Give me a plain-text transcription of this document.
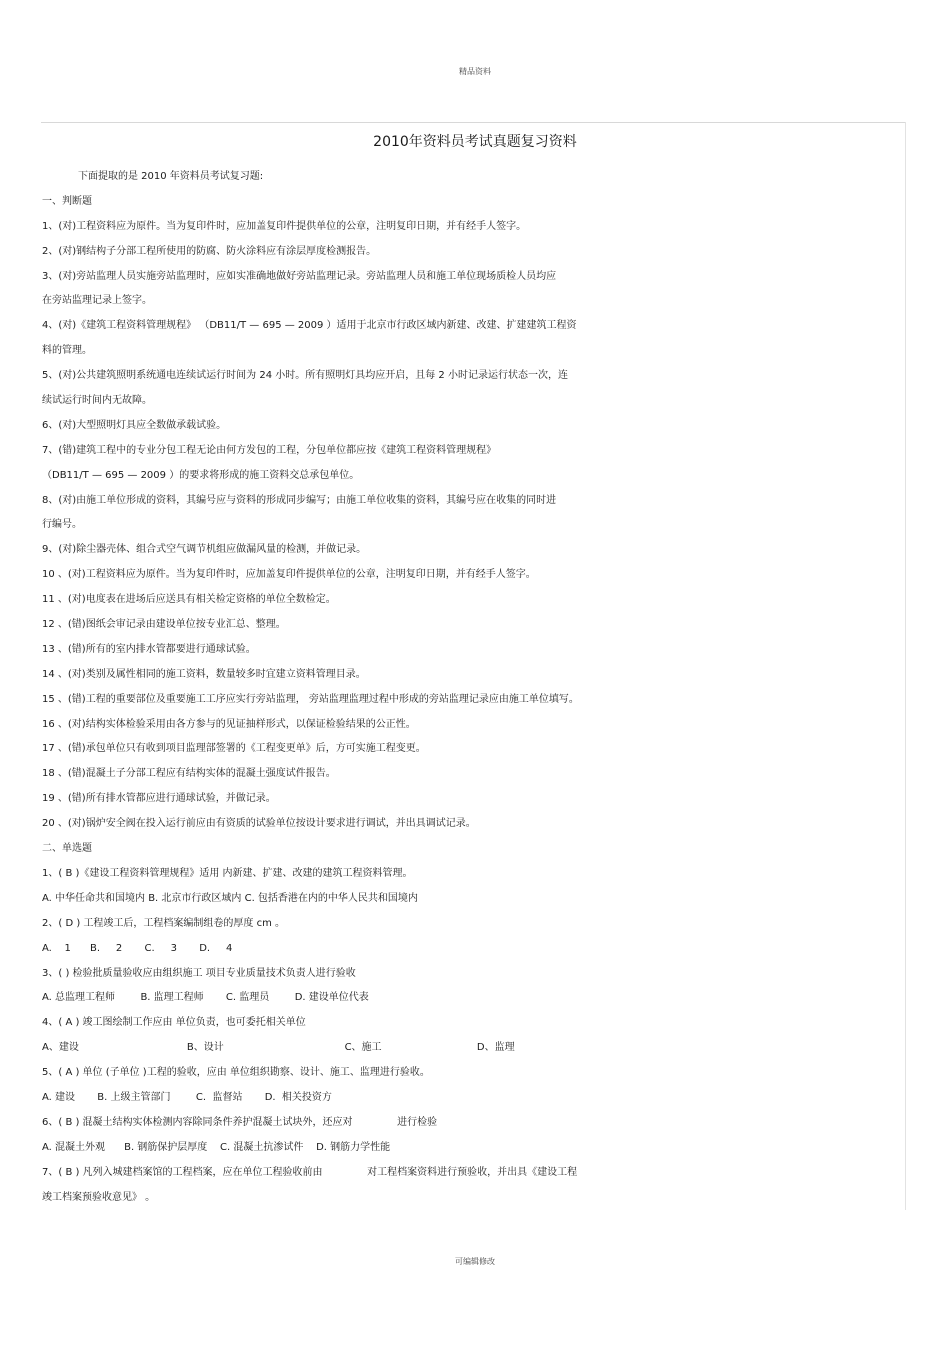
精品资料
2010年资料员考试真题复习资料
下面提取的是 2010 年资料员考试复习题:
一、判断题
1、(对)工程资料应为原件。当为复印件时，应加盖复印件提供单位的公章，注明复印日期，并有经手人签字。
2、(对)钢结构子分部工程所使用的防腐、防火涂料应有涂层厚度检测报告。
3、(对)旁站监理人员实施旁站监理时，应如实准确地做好旁站监理记录。旁站监理人员和施工单位现场质检人员均应
在旁站监理记录上签字。
4、(对)《建筑工程资料管理规程》 （DB11/T — 695 — 2009 ）适用于北京市行政区域内新建、改建、扩建建筑工程资
料的管理。
5、(对)公共建筑照明系统通电连续试运行时间为 24 小时。所有照明灯具均应开启，且每 2 小时记录运行状态一次，连
续试运行时间内无故障。
6、(对)大型照明灯具应全数做承载试验。
7、(错)建筑工程中的专业分包工程无论由何方发包的工程，分包单位都应按《建筑工程资料管理规程》
（DB11/T — 695 — 2009 ）的要求将形成的施工资料交总承包单位。
8、(对)由施工单位形成的资料，其编号应与资料的形成同步编写；由施工单位收集的资料，其编号应在收集的同时进
行编号。
9、(对)除尘器壳体、组合式空气调节机组应做漏风量的检测，并做记录。
10 、(对)工程资料应为原件。当为复印件时，应加盖复印件提供单位的公章，注明复印日期，并有经手人签字。
11 、(对)电度表在进场后应送具有相关检定资格的单位全数检定。
12 、(错)图纸会审记录由建设单位按专业汇总、整理。
13 、(错)所有的室内排水管都要进行通球试验。
14 、(对)类别及属性相同的施工资料，数量较多时宜建立资料管理目录。
15 、(错)工程的重要部位及重要施工工序应实行旁站监理， 旁站监理监理过程中形成的旁站监理记录应由施工单位填写。
16 、(对)结构实体检验采用由各方参与的见证抽样形式，以保证检验结果的公正性。
17 、(错)承包单位只有收到项目监理部签署的《工程变更单》后，方可实施工程变更。
18 、(错)混凝土子分部工程应有结构实体的混凝土强度试件报告。
19 、(错)所有排水管都应进行通球试验，并做记录。
20 、(对)锅炉安全阀在投入运行前应由有资质的试验单位按设计要求进行调试，并出具调试记录。
二、单选题
1、( B )《建设工程资料管理规程》适用 内新建、扩建、改建的建筑工程资料管理。
A. 中华任命共和国境内 B. 北京市行政区域内 C. 包括香港在内的中华人民共和国境内
2、( D ) 工程竣工后，工程档案编制组卷的厚度 cm 。
A.    1      B.     2       C.     3       D.     4
3、( ) 检验批质量验收应由组织施工 项目专业质量技术负责人进行验收
A. 总监理工程师        B. 监理工程师       C. 监理员        D. 建设单位代表
4、( A ) 竣工图绘制工作应由 单位负责，也可委托相关单位
A、建设                                  B、设计                                      C、施工                              D、监理
5、( A ) 单位 (子单位 )工程的验收，应由 单位组织勘察、设计、施工、监理进行验收。
A. 建设       B. 上级主管部门        C.  监督站       D.  相关投资方
6、( B ) 混凝土结构实体检测内容除同条件养护混凝土试块外，还应对              进行检验
A. 混凝土外观      B. 钢筋保护层厚度    C. 混凝土抗渗试件    D. 钢筋力学性能
7、( B ) 凡列入城建档案馆的工程档案，应在单位工程验收前由              对工程档案资料进行预验收，并出具《建设工程
竣工档案预验收意见》 。
可编辑修改
